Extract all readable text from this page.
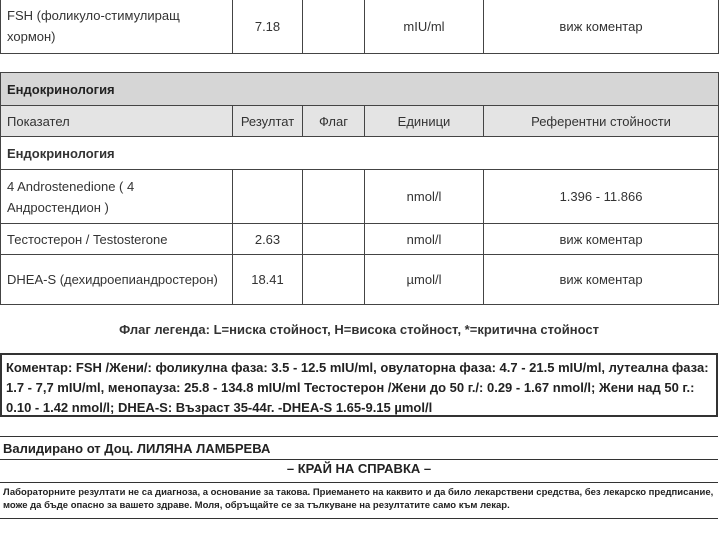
FSH (фоликуло-стимулиращ хормон)	7.18		mIU/ml	виж коментар
Ендокринология				
Показател	Резултат	Флаг	Единици	Референтни стойности
Ендокринология				
4 Androstenedione ( 4 Андростендион )			nmol/l	1.396 - 11.866
Тестостерон / Testosterone	2.63		nmol/l	виж коментар
DHEA-S (дехидроепиандростерон)	18.41		µmol/l	виж коментар
Флаг легенда: L=ниска стойност, H=висока стойност, *=критична стойност
Коментар: FSH /Жени/: фоликулна фаза: 3.5 - 12.5 mIU/ml, овулаторна фаза: 4.7 - 21.5 mIU/ml, лутеална фаза: 1.7 - 7,7 mIU/ml, менопауза: 25.8 - 134.8 mIU/ml Тестостерон /Жени до 50 г./: 0.29 - 1.67 nmol/l; Жени над 50 г.: 0.10 - 1.42 nmol/l; DHEA-S: Възраст 35-44г. -DHEA-S 1.65-9.15 µmol/l
Валидирано от Доц. ЛИЛЯНА ЛАМБРЕВА
– КРАЙ НА СПРАВКА –
Лабораторните резултати не са диагноза, а основание за такова. Приемането на каквито и да било лекарствени средства, без лекарско предписание, може да бъде опасно за вашето здраве. Моля, обръщайте се за тълкуване на резултатите само към лекар.
